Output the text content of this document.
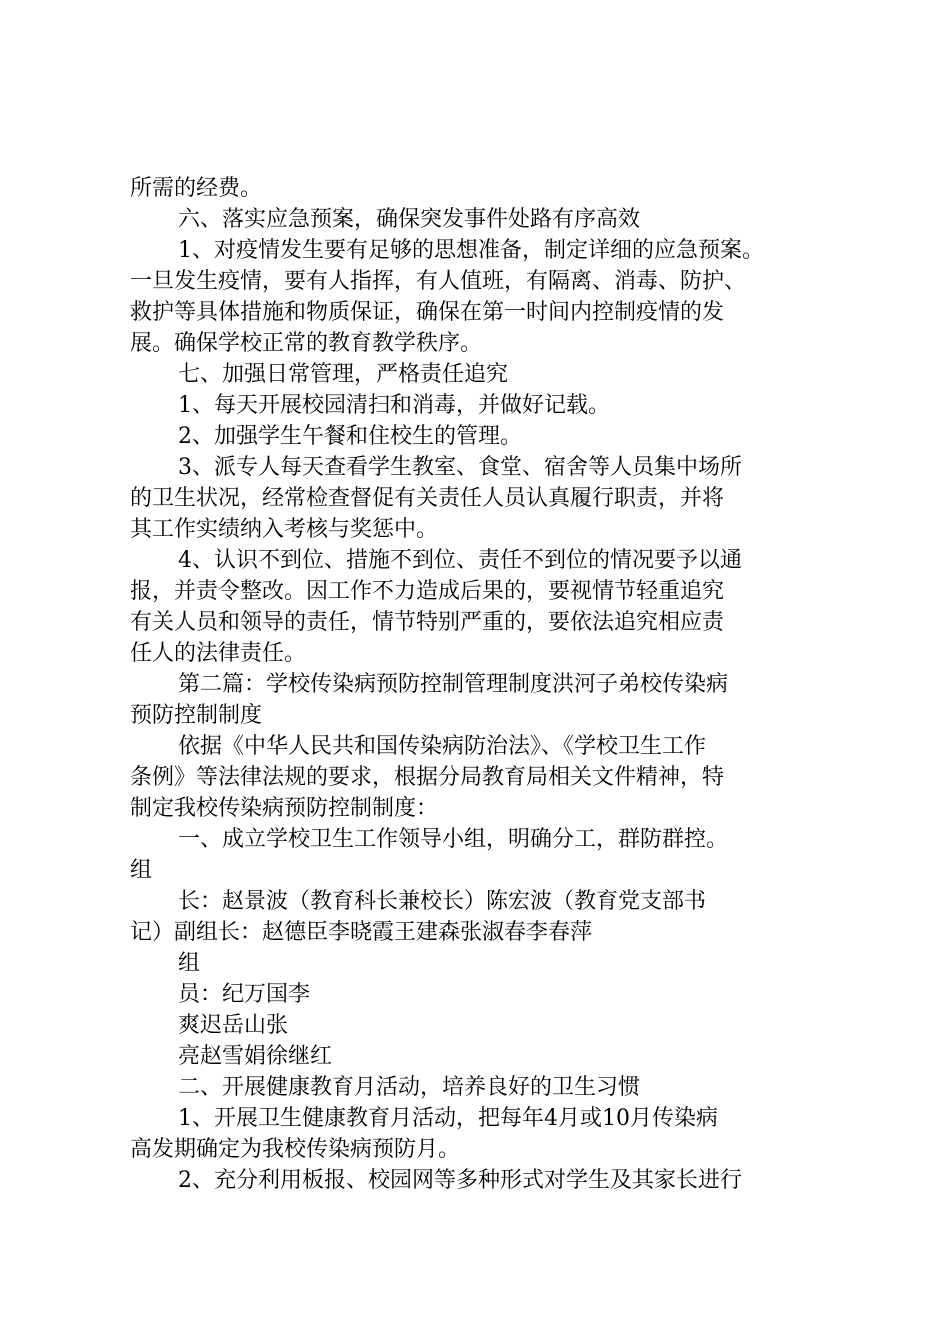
所需的经费。
六、落实应急预案，确保突发事件处路有序高效
1、对疫情发生要有足够的思想准备，制定详细的应急预案。
一旦发生疫情，要有人指挥，有人值班，有隔离、消毒、防护、
救护等具体措施和物质保证，确保在第一时间内控制疫情的发
展。确保学校正常的教育教学秩序。
七、加强日常管理，严格责任追究
1、每天开展校园清扫和消毒，并做好记载。
2、加强学生午餐和住校生的管理。
3、派专人每天查看学生教室、食堂、宿舍等人员集中场所
的卫生状况，经常检查督促有关责任人员认真履行职责，并将
其工作实绩纳入考核与奖惩中。
4、认识不到位、措施不到位、责任不到位的情况要予以通
报，并责令整改。因工作不力造成后果的，要视情节轻重追究
有关人员和领导的责任，情节特别严重的，要依法追究相应责
任人的法律责任。
第二篇：学校传染病预防控制管理制度洪河子弟校传染病
预防控制制度
依据《中华人民共和国传染病防治法》、《学校卫生工作
条例》等法律法规的要求，根据分局教育局相关文件精神，特
制定我校传染病预防控制制度：
一、成立学校卫生工作领导小组，明确分工，群防群控。
组
长：赵景波（教育科长兼校长）陈宏波（教育党支部书
记）副组长：赵德臣李晓霞王建森张淑春李春萍
组
员：纪万国李
爽迟岳山张
亮赵雪娟徐继红
二、开展健康教育月活动，培养良好的卫生习惯
1、开展卫生健康教育月活动，把每年4月或10月传染病
高发期确定为我校传染病预防月。
2、充分利用板报、校园网等多种形式对学生及其家长进行
